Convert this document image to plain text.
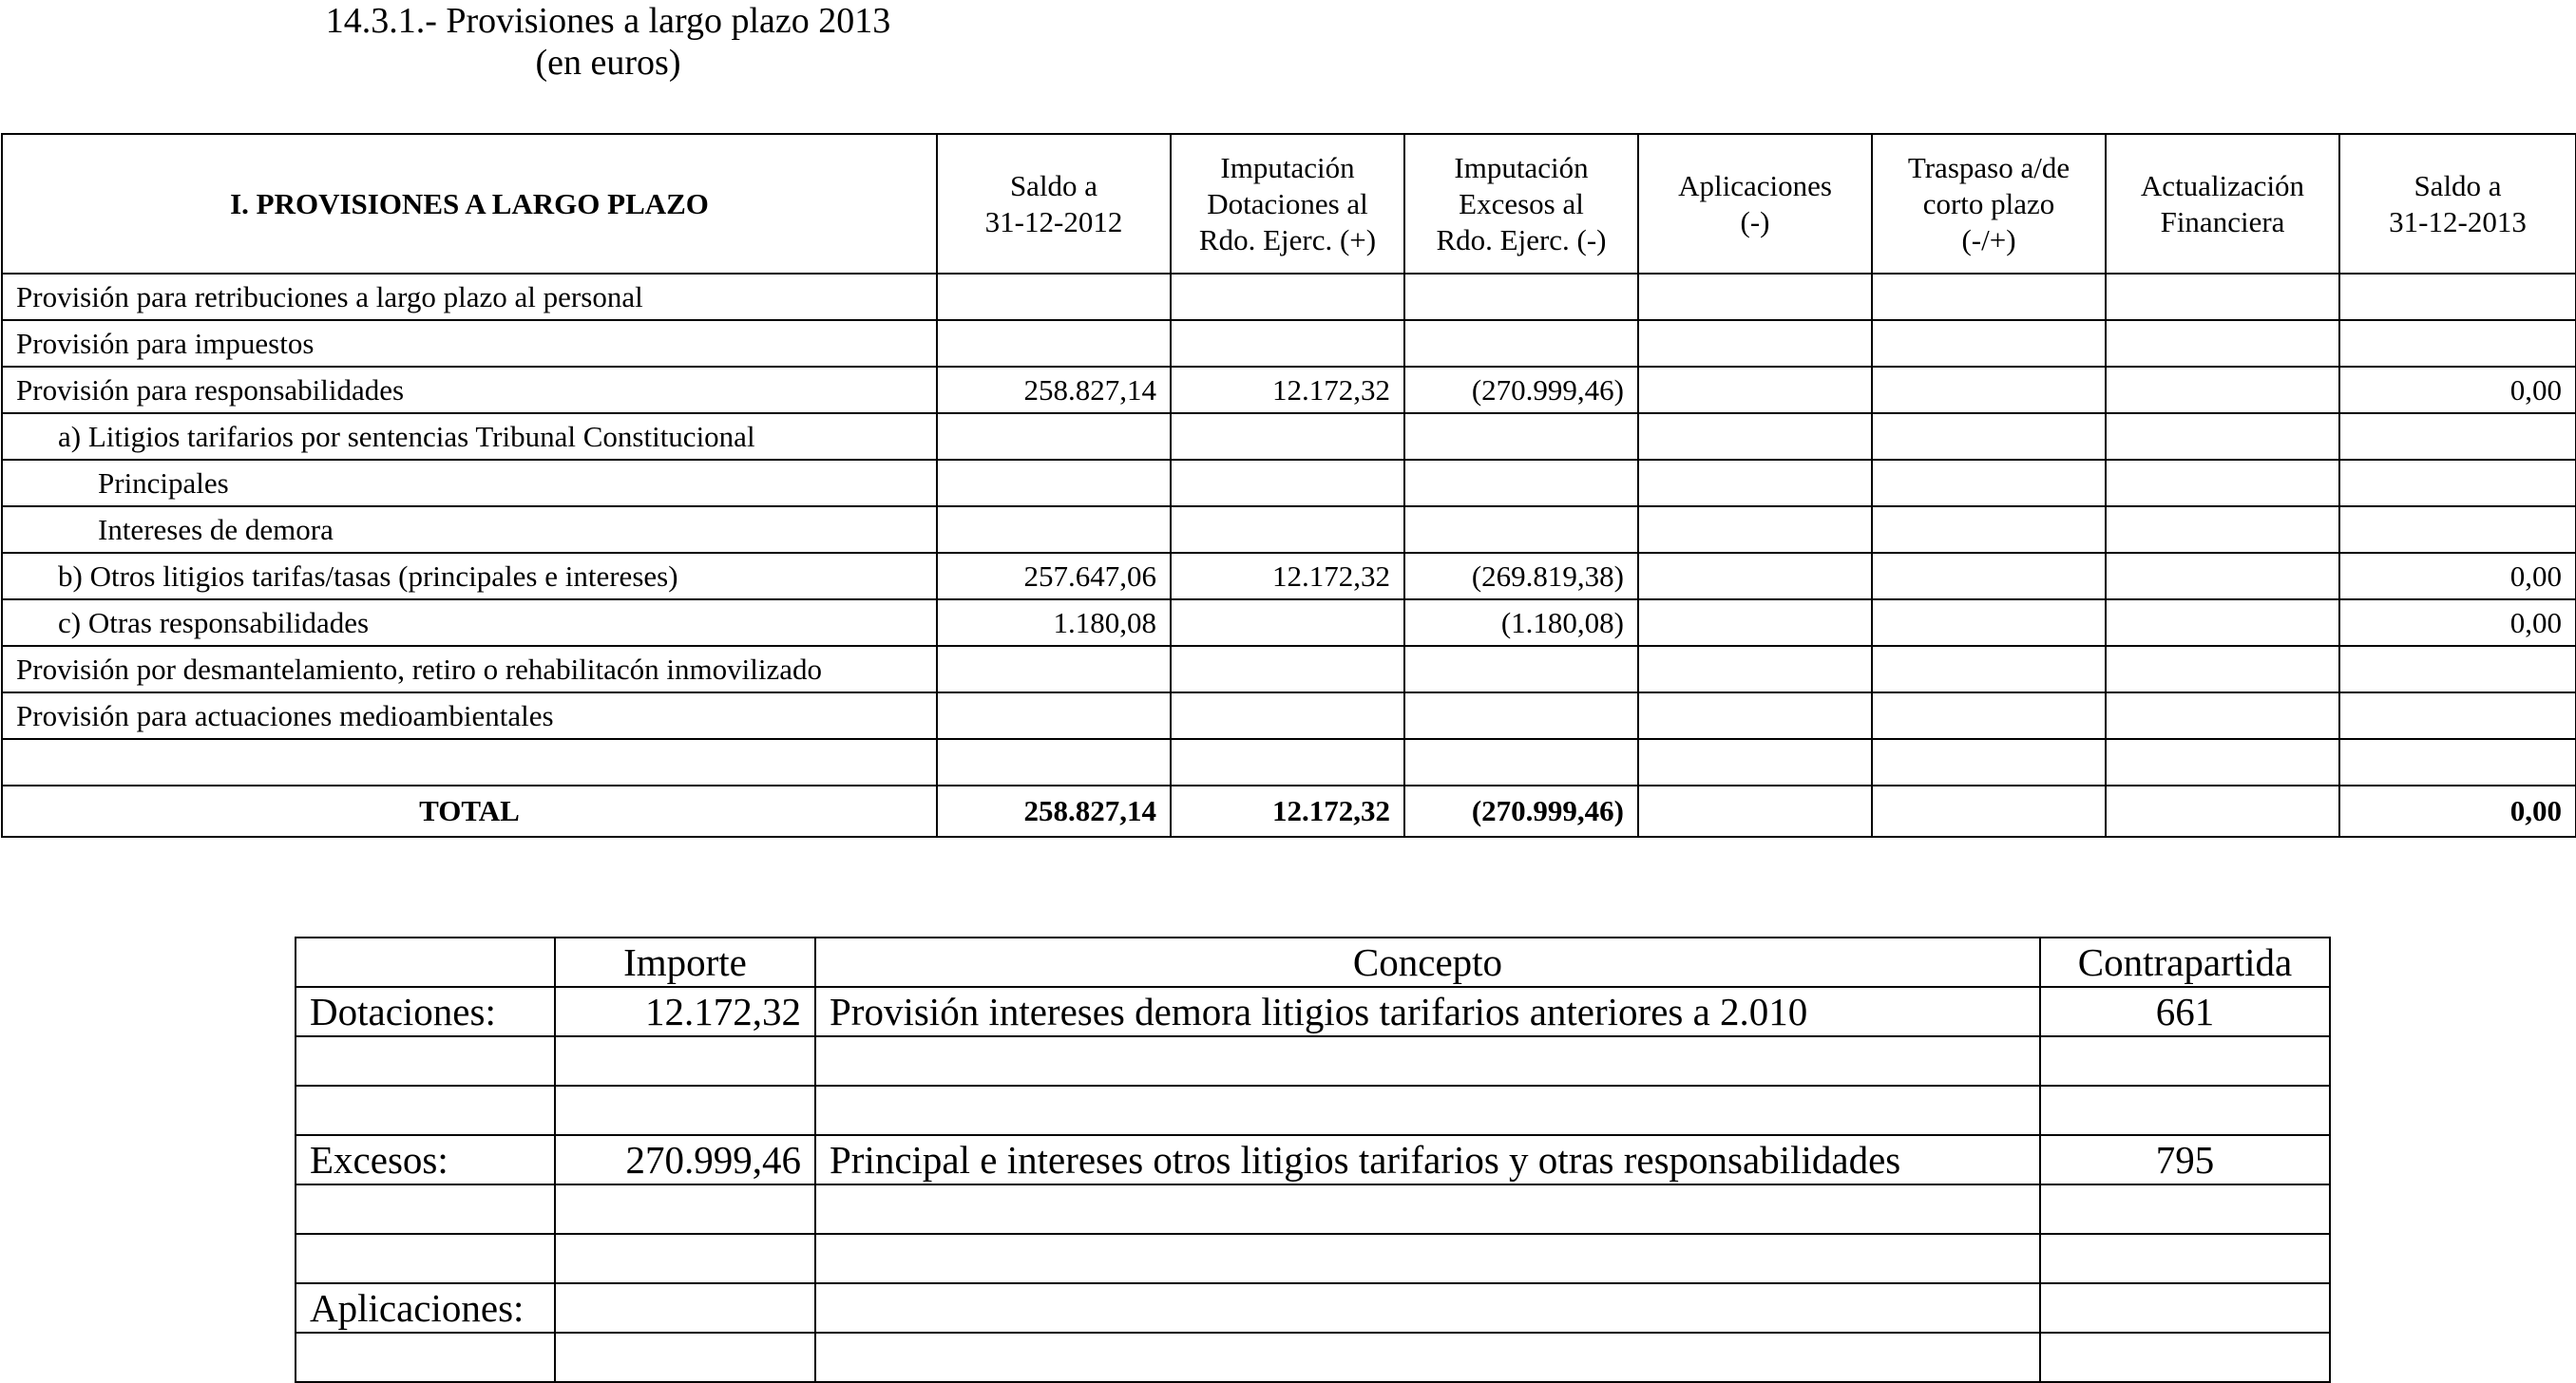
14.3.1.- Provisiones a largo plazo 2013
(en euros)
I. PROVISIONES A LARGO PLAZO	Saldo a
31-12-2012	Imputación
Dotaciones al
Rdo. Ejerc. (+)	Imputación
Excesos al
Rdo. Ejerc. (-)	Aplicaciones
(-)	Traspaso a/de
corto plazo
(-/+)	Actualización
Financiera	Saldo a
31-12-2013
Provisión para retribuciones a largo plazo al personal							
Provisión para impuestos							
Provisión para responsabilidades	258.827,14	12.172,32	(270.999,46)				0,00
a) Litigios tarifarios por sentencias Tribunal Constitucional							
Principales							
Intereses de demora							
b) Otros litigios tarifas/tasas (principales e intereses)	257.647,06	12.172,32	(269.819,38)				0,00
c) Otras responsabilidades	1.180,08		(1.180,08)				0,00
Provisión por desmantelamiento, retiro o rehabilitacón inmovilizado							
Provisión para actuaciones medioambientales							

TOTAL	258.827,14	12.172,32	(270.999,46)				0,00
	Importe	Concepto	Contrapartida
Dotaciones:	12.172,32	Provisión intereses demora litigios tarifarios anteriores a 2.010	661

Excesos:	270.999,46	Principal e intereses otros litigios tarifarios y otras responsabilidades	795

Aplicaciones:			
